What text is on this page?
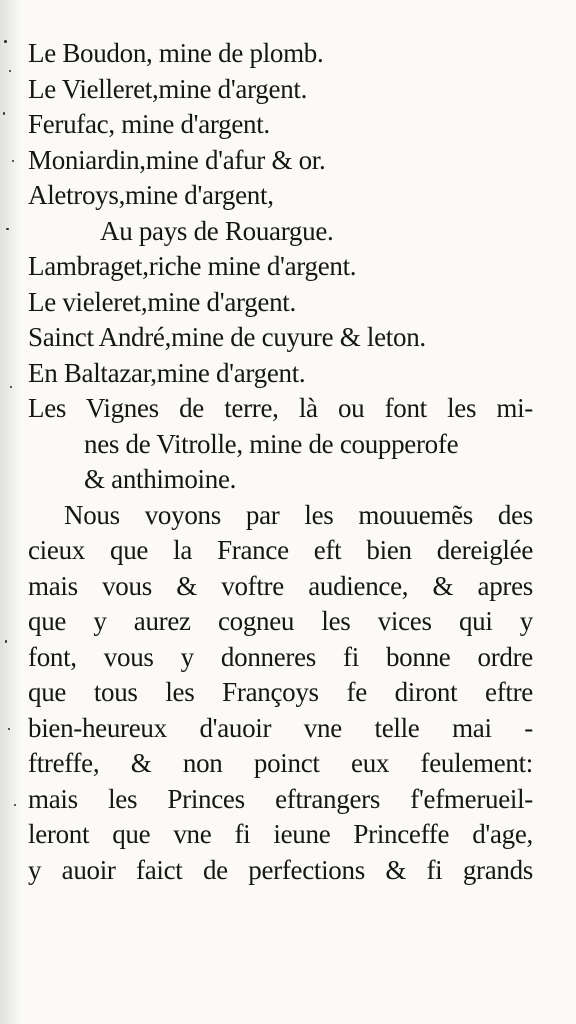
Le Boudon, mine de plomb.
Le Vielleret,mine d'argent.
Ferufac, mine d'argent.
Moniardin,mine d'afur & or.
Aletroys,mine d'argent,
Au pays de Rouargue.
Lambraget,riche mine d'argent.
Le vieleret,mine d'argent.
Sainct André,mine de cuyure & leton.
En Baltazar,mine d'argent.
Les Vignes de terre, là ou font les mi-
nes de Vitrolle, mine de coupperofe
& anthimoine.
Nous voyons par les mouuemẽs des
cieux que la France eft bien dereiglée
mais vous & voftre audience, & apres
que y aurez cogneu les vices qui y
font, vous y donneres fi bonne ordre
que tous les Françoys fe diront eftre
bien-heureux d'auoir vne telle mai -
ftreffe, & non poinct eux feulement:
mais les Princes eftrangers f'efmerueil-
leront que vne fi ieune Princeffe d'age,
y auoir faict de perfections & fi grands
